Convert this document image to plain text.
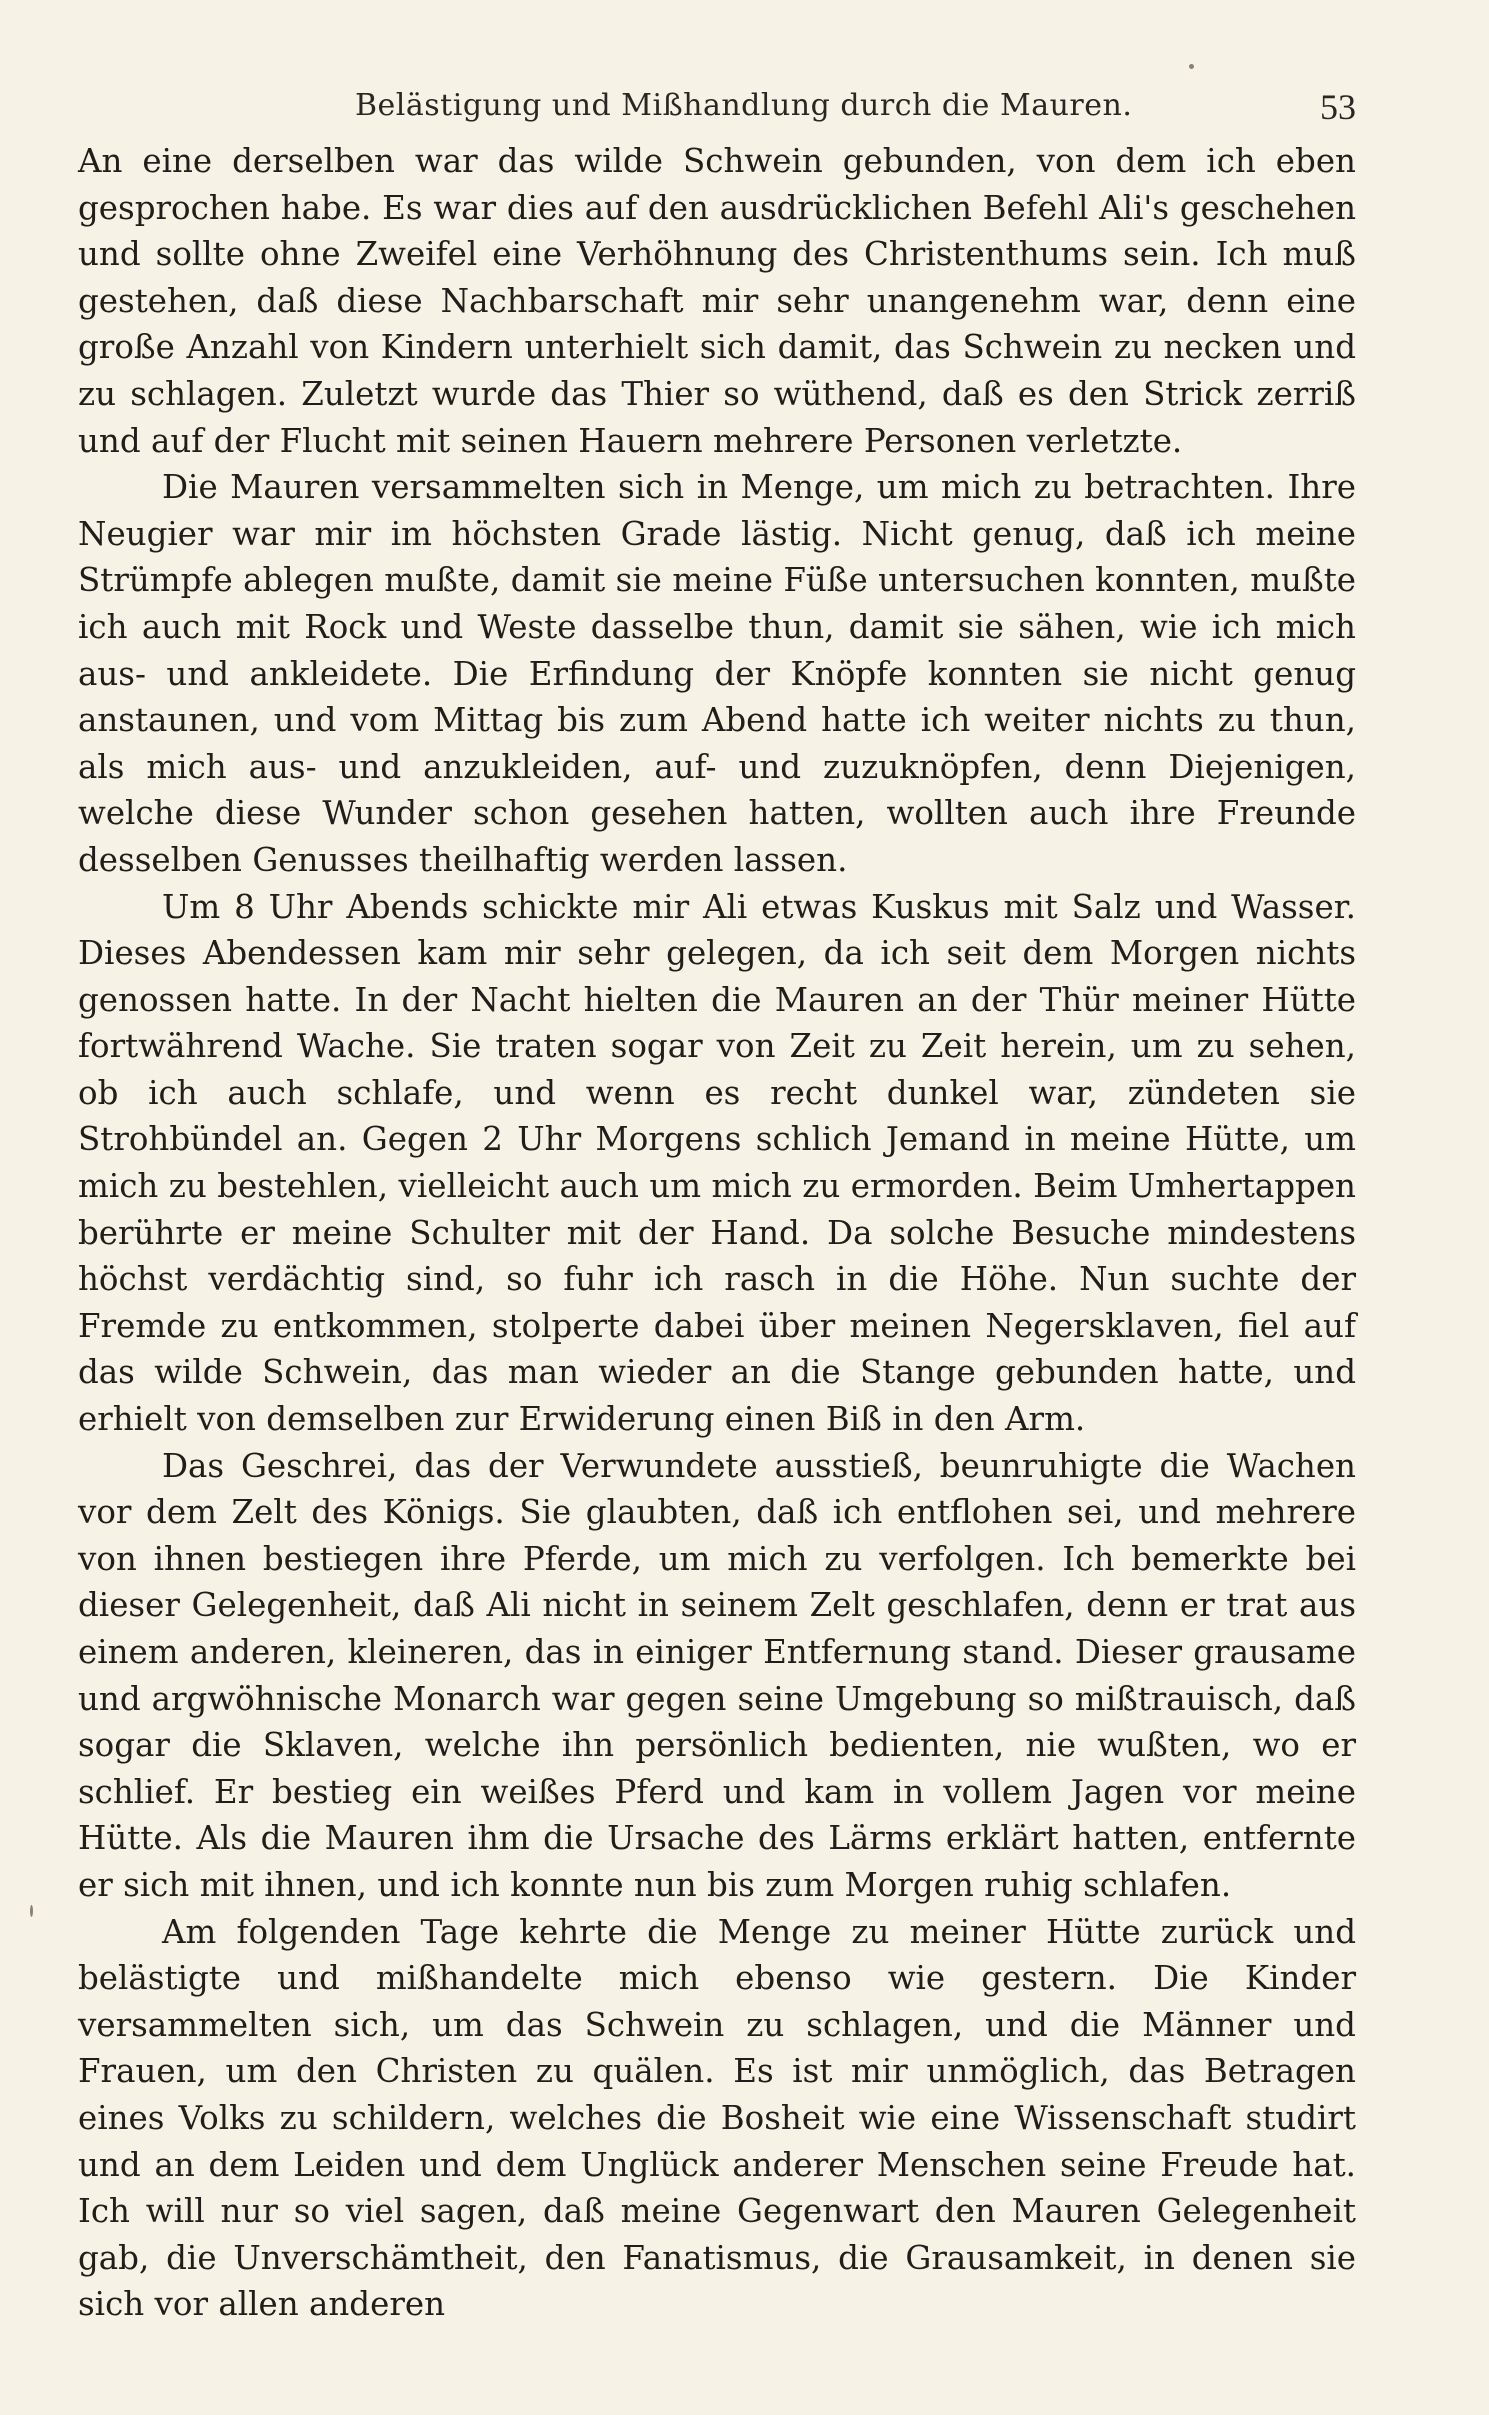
Belästigung und Mißhandlung durch die Mauren.	53

An eine derselben war das wilde Schwein gebunden, von dem ich eben gesprochen habe. Es war dies auf den ausdrücklichen Befehl Ali's geschehen und sollte ohne Zweifel eine Verhöhnung des Christenthums sein. Ich muß gestehen, daß diese Nachbarschaft mir sehr unangenehm war, denn eine große Anzahl von Kindern unterhielt sich damit, das Schwein zu necken und zu schlagen. Zuletzt wurde das Thier so wüthend, daß es den Strick zerriß und auf der Flucht mit seinen Hauern mehrere Personen verletzte.

Die Mauren versammelten sich in Menge, um mich zu betrachten. Ihre Neugier war mir im höchsten Grade lästig. Nicht genug, daß ich meine Strümpfe ablegen mußte, damit sie meine Füße untersuchen konnten, mußte ich auch mit Rock und Weste dasselbe thun, damit sie sähen, wie ich mich aus- und ankleidete. Die Erfindung der Knöpfe konnten sie nicht genug anstaunen, und vom Mittag bis zum Abend hatte ich weiter nichts zu thun, als mich aus- und anzukleiden, auf- und zuzuknöpfen, denn Diejenigen, welche diese Wunder schon gesehen hatten, wollten auch ihre Freunde desselben Genusses theilhaftig werden lassen.

Um 8 Uhr Abends schickte mir Ali etwas Kuskus mit Salz und Wasser. Dieses Abendessen kam mir sehr gelegen, da ich seit dem Morgen nichts genossen hatte. In der Nacht hielten die Mauren an der Thür meiner Hütte fortwährend Wache. Sie traten sogar von Zeit zu Zeit herein, um zu sehen, ob ich auch schlafe, und wenn es recht dunkel war, zündeten sie Strohbündel an. Gegen 2 Uhr Morgens schlich Jemand in meine Hütte, um mich zu bestehlen, vielleicht auch um mich zu ermorden. Beim Umhertappen berührte er meine Schulter mit der Hand. Da solche Besuche mindestens höchst verdächtig sind, so fuhr ich rasch in die Höhe. Nun suchte der Fremde zu entkommen, stolperte dabei über meinen Negersklaven, fiel auf das wilde Schwein, das man wieder an die Stange gebunden hatte, und erhielt von demselben zur Erwiderung einen Biß in den Arm.

Das Geschrei, das der Verwundete ausstieß, beunruhigte die Wachen vor dem Zelt des Königs. Sie glaubten, daß ich entflohen sei, und mehrere von ihnen bestiegen ihre Pferde, um mich zu verfolgen. Ich bemerkte bei dieser Gelegenheit, daß Ali nicht in seinem Zelt geschlafen, denn er trat aus einem anderen, kleineren, das in einiger Entfernung stand. Dieser grausame und argwöhnische Monarch war gegen seine Umgebung so mißtrauisch, daß sogar die Sklaven, welche ihn persönlich bedienten, nie wußten, wo er schlief. Er bestieg ein weißes Pferd und kam in vollem Jagen vor meine Hütte. Als die Mauren ihm die Ursache des Lärms erklärt hatten, entfernte er sich mit ihnen, und ich konnte nun bis zum Morgen ruhig schlafen.

Am folgenden Tage kehrte die Menge zu meiner Hütte zurück und belästigte und mißhandelte mich ebenso wie gestern. Die Kinder versammelten sich, um das Schwein zu schlagen, und die Männer und Frauen, um den Christen zu quälen. Es ist mir unmöglich, das Betragen eines Volks zu schildern, welches die Bosheit wie eine Wissenschaft studirt und an dem Leiden und dem Unglück anderer Menschen seine Freude hat. Ich will nur so viel sagen, daß meine Gegenwart den Mauren Gelegenheit gab, die Unverschämtheit, den Fanatismus, die Grausamkeit, in denen sie sich vor allen anderen
